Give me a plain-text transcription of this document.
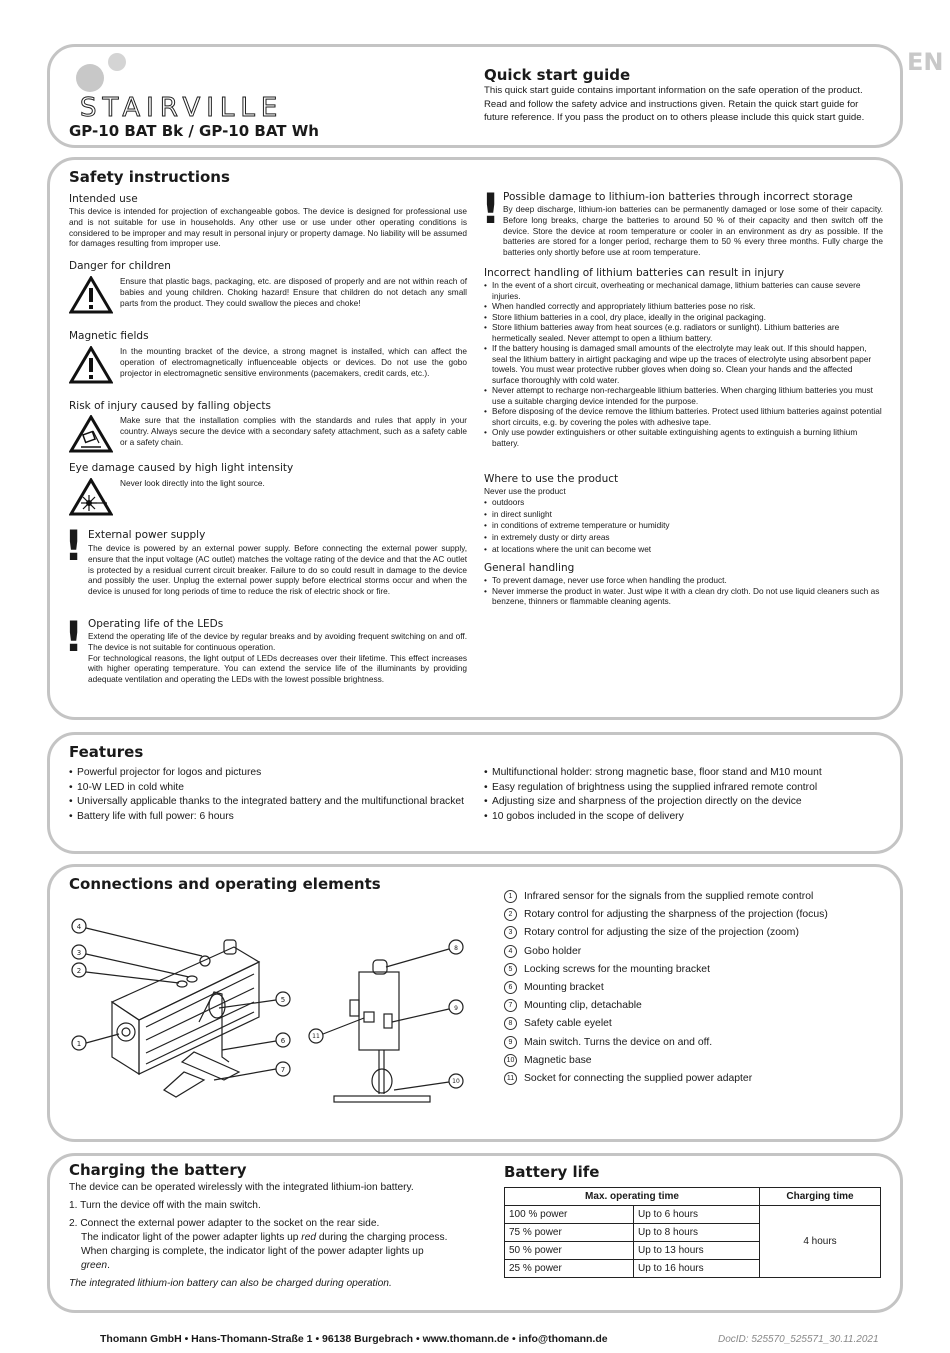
EN
STAIRVILLE
GP-10 BAT Bk / GP-10 BAT Wh
Quick start guide

This quick start guide contains important information on the safe operation of the product. Read and follow the safety advice and instructions given. Retain the quick start guide for future reference. If you pass the product on to others please include this quick start guide.

Safety instructions
Intended use

This device is intended for projection of exchangeable gobos. The device is designed for professional use and is not suitable for use in households. Any other use or use under other operating conditions is considered to be improper and may result in personal injury or property damage. No liability will be assumed for damages resulting from improper use.

Danger for children

Ensure that plastic bags, packaging, etc. are disposed of properly and are not within reach of babies and young children. Choking hazard! Ensure that children do not detach any small parts from the product. They could swallow the pieces and choke!

Magnetic fields

In the mounting bracket of the device, a strong magnet is installed, which can affect the operation of electromagnetically influenceable objects or devices. Do not use the gobo projector in electromagnetic sensitive environments (pacemakers, credit cards, etc.).

Risk of injury caused by falling objects

Make sure that the installation complies with the standards and rules that apply in your country. Always secure the device with a secondary safety attachment, such as a safety cable or a safety chain.

Eye damage caused by high light intensity

Never look directly into the light source.

! External power supply

The device is powered by an external power supply. Before connecting the external power supply, ensure that the input voltage (AC outlet) matches the voltage rating of the device and that the AC outlet is protected by a residual current circuit breaker. Failure to do so could result in damage to the device and possibly the user. Unplug the external power supply before electrical storms occur and when the device is unused for long periods of time to reduce the risk of electric shock or fire.

! Operating life of the LEDs

Extend the operating life of the device by regular breaks and by avoiding frequent switching on and off. The device is not suitable for continuous operation.

For technological reasons, the light output of LEDs decreases over their lifetime. This effect increases with higher operating temperature. You can extend the service life of the illuminants by providing adequate ventilation and operating the LEDs with the lowest possible brightness.

! Possible damage to lithium-ion batteries through incorrect storage

By deep discharge, lithium-ion batteries can be permanently damaged or lose some of their capacity. Before long breaks, charge the batteries to around 50 % of their capacity and then switch off the device. Store the device at room temperature or cooler in an environment as dry as possible. If the batteries are stored for a longer period, recharge them to 50 % every three months. Fully charge the batteries only shortly before use at room temperature.

Incorrect handling of lithium batteries can result in injury
• In the event of a short circuit, overheating or mechanical damage, lithium batteries can cause severe injuries.
• When handled correctly and appropriately lithium batteries pose no risk.
• Store lithium batteries in a cool, dry place, ideally in the original packaging.
• Store lithium batteries away from heat sources (e.g. radiators or sunlight). Lithium batteries are hermetically sealed. Never attempt to open a lithium battery.
• If the battery housing is damaged small amounts of the electrolyte may leak out. If this should happen, seal the lithium battery in airtight packaging and wipe up the traces of electrolyte using absorbent paper towels. You must wear protective rubber gloves when doing so. Clean your hands and the affected surface thoroughly with cold water.
• Never attempt to recharge non-rechargeable lithium batteries. When charging lithium batteries you must use a suitable charging device intended for the purpose.
• Before disposing of the device remove the lithium batteries. Protect used lithium batteries against potential short circuits, e.g. by covering the poles with adhesive tape.
• Only use powder extinguishers or other suitable extinguishing agents to extinguish a burning lithium battery.
Where to use the product
Never use the product
• outdoors
• in direct sunlight
• in conditions of extreme temperature or humidity
• in extremely dusty or dirty areas
• at locations where the unit can become wet
General handling
• To prevent damage, never use force when handling the product.
• Never immerse the product in water. Just wipe it with a clean dry cloth. Do not use liquid cleaners such as benzene, thinners or flammable cleaning agents.
Features
• Powerful projector for logos and pictures
• 10-W LED in cold white
• Universally applicable thanks to the integrated battery and the multifunctional bracket
• Battery life with full power: 6 hours
• Multifunctional holder: strong magnetic base, floor stand and M10 mount
• Easy regulation of brightness using the supplied infrared remote control
• Adjusting size and sharpness of the projection directly on the device
• 10 gobos included in the scope of delivery
Connections and operating elements
4
3
2
1
5
6
7
8
9
10
11
1 Infrared sensor for the signals from the supplied remote control
2 Rotary control for adjusting the sharpness of the projection (focus)
3 Rotary control for adjusting the size of the projection (zoom)
4 Gobo holder
5 Locking screws for the mounting bracket
6 Mounting bracket
7 Mounting clip, detachable
8 Safety cable eyelet
9 Main switch. Turns the device on and off.
10 Magnetic base
11 Socket for connecting the supplied power adapter
Charging the battery
The device can be operated wirelessly with the integrated lithium-ion battery.
1. Turn the device off with the main switch.
2. Connect the external power adapter to the socket on the rear side.
The indicator light of the power adapter lights up red during the charging process.
When charging is complete, the indicator light of the power adapter lights up
green.
The integrated lithium-ion battery can also be charged during operation.
Battery life
Max. operating time		Charging time
100 % power	Up to 6 hours	4 hours
75 % power	Up to 8 hours	
50 % power	Up to 13 hours	
25 % power	Up to 16 hours	
Thomann GmbH • Hans-Thomann-Straße 1 • 96138 Burgebrach • www.thomann.de • info@thomann.de	DocID: 525570_525571_30.11.2021
